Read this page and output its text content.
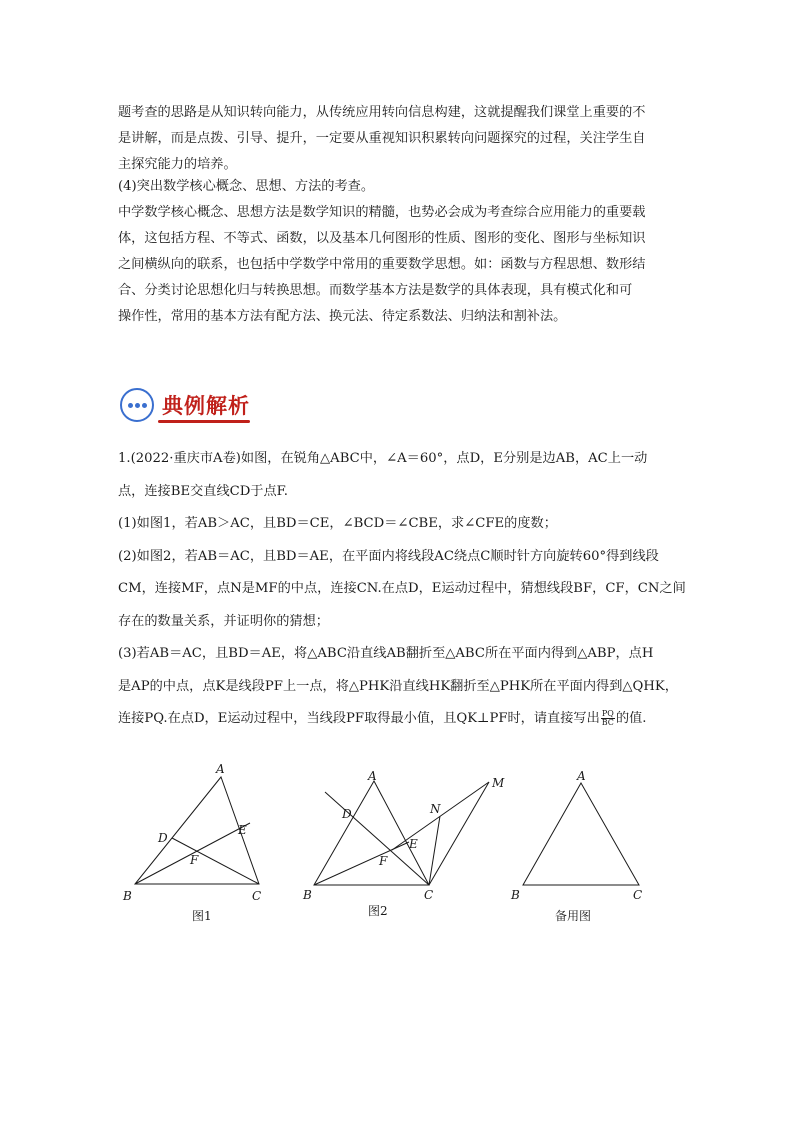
题考查的思路是从知识转向能力，从传统应用转向信息构建，这就提醒我们课堂上重要的不
是讲解，而是点拨、引导、提升，一定要从重视知识积累转向问题探究的过程，关注学生自
主探究能力的培养。
(4)突出数学核心概念、思想、方法的考查。
中学数学核心概念、思想方法是数学知识的精髓，也势必会成为考查综合应用能力的重要载
体，这包括方程、不等式、函数，以及基本几何图形的性质、图形的变化、图形与坐标知识
之间横纵向的联系，也包括中学数学中常用的重要数学思想。如：函数与方程思想、数形结
合、分类讨论思想化归与转换思想。而数学基本方法是数学的具体表现，具有模式化和可
操作性，常用的基本方法有配方法、换元法、待定系数法、归纳法和割补法。
典例解析
1.(2022·重庆市A卷)如图，在锐角△ABC中，∠A＝60°，点D，E分别是边AB，AC上一动
点，连接BE交直线CD于点F.
(1)如图1，若AB＞AC，且BD＝CE，∠BCD＝∠CBE，求∠CFE的度数；
(2)如图2，若AB＝AC，且BD＝AE，在平面内将线段AC绕点C顺时针方向旋转60°得到线段
CM，连接MF，点N是MF的中点，连接CN.在点D，E运动过程中，猜想线段BF，CF，CN之间
存在的数量关系，并证明你的猜想；
(3)若AB＝AC，且BD＝AE，将△ABC沿直线AB翻折至△ABC所在平面内得到△ABP，点H
是AP的中点，点K是线段PF上一点，将△PHK沿直线HK翻折至△PHK所在平面内得到△QHK，
连接PQ.在点D，E运动过程中，当线段PF取得最小值，且QK⊥PF时，请直接写出 $\frac{PQ}{BC}$ 的值.
A
B	C
D
E
F
图1
A
B	C
D
E
F
M
N
图2
A
B	C
备用图
